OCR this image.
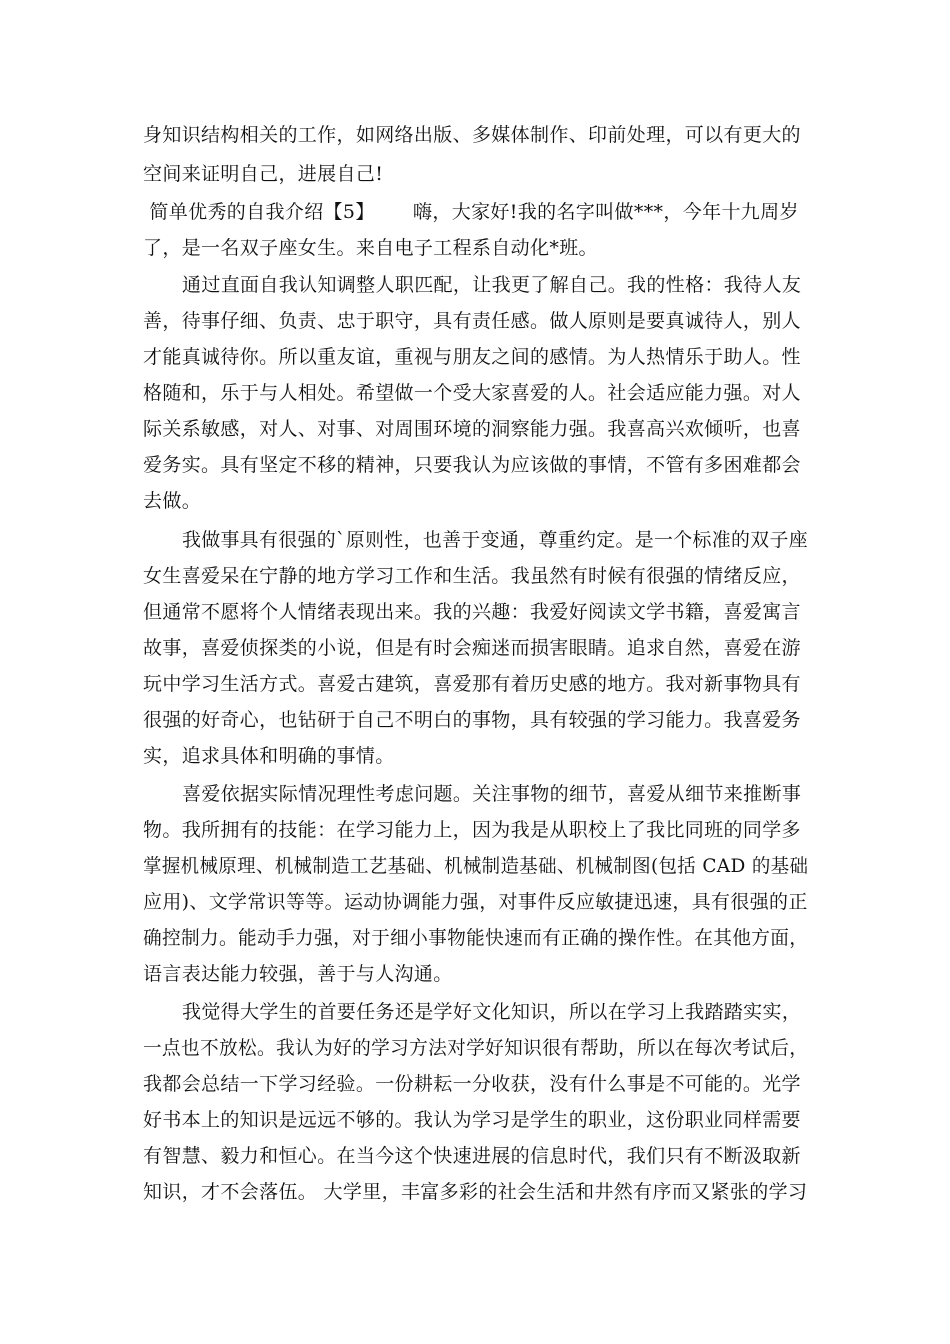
身知识结构相关的工作，如网络出版、多媒体制作、印前处理，可以有更大的
空间来证明自己，进展自己!
简单优秀的自我介绍【5】      嗨，大家好!我的名字叫做***，今年十九周岁
了，是一名双子座女生。来自电子工程系自动化*班。
通过直面自我认知调整人职匹配，让我更了解自己。我的性格：我待人友
善，待事仔细、负责、忠于职守，具有责任感。做人原则是要真诚待人，别人
才能真诚待你。所以重友谊，重视与朋友之间的感情。为人热情乐于助人。性
格随和，乐于与人相处。希望做一个受大家喜爱的人。社会适应能力强。对人
际关系敏感，对人、对事、对周围环境的洞察能力强。我喜高兴欢倾听，也喜
爱务实。具有坚定不移的精神，只要我认为应该做的事情，不管有多困难都会
去做。
我做事具有很强的`原则性，也善于变通，尊重约定。是一个标准的双子座
女生喜爱呆在宁静的地方学习工作和生活。我虽然有时候有很强的情绪反应，
但通常不愿将个人情绪表现出来。我的兴趣：我爱好阅读文学书籍，喜爱寓言
故事，喜爱侦探类的小说，但是有时会痴迷而损害眼睛。追求自然，喜爱在游
玩中学习生活方式。喜爱古建筑，喜爱那有着历史感的地方。我对新事物具有
很强的好奇心，也钻研于自己不明白的事物，具有较强的学习能力。我喜爱务
实，追求具体和明确的事情。
喜爱依据实际情况理性考虑问题。关注事物的细节，喜爱从细节来推断事
物。我所拥有的技能：在学习能力上，因为我是从职校上了我比同班的同学多
掌握机械原理、机械制造工艺基础、机械制造基础、机械制图(包括 CAD 的基础
应用)、文学常识等等。运动协调能力强，对事件反应敏捷迅速，具有很强的正
确控制力。能动手力强，对于细小事物能快速而有正确的操作性。在其他方面，
语言表达能力较强，善于与人沟通。
我觉得大学生的首要任务还是学好文化知识，所以在学习上我踏踏实实，
一点也不放松。我认为好的学习方法对学好知识很有帮助，所以在每次考试后，
我都会总结一下学习经验。一份耕耘一分收获，没有什么事是不可能的。光学
好书本上的知识是远远不够的。我认为学习是学生的职业，这份职业同样需要
有智慧、毅力和恒心。在当今这个快速进展的信息时代，我们只有不断汲取新
知识，才不会落伍。 大学里，丰富多彩的社会生活和井然有序而又紧张的学习
